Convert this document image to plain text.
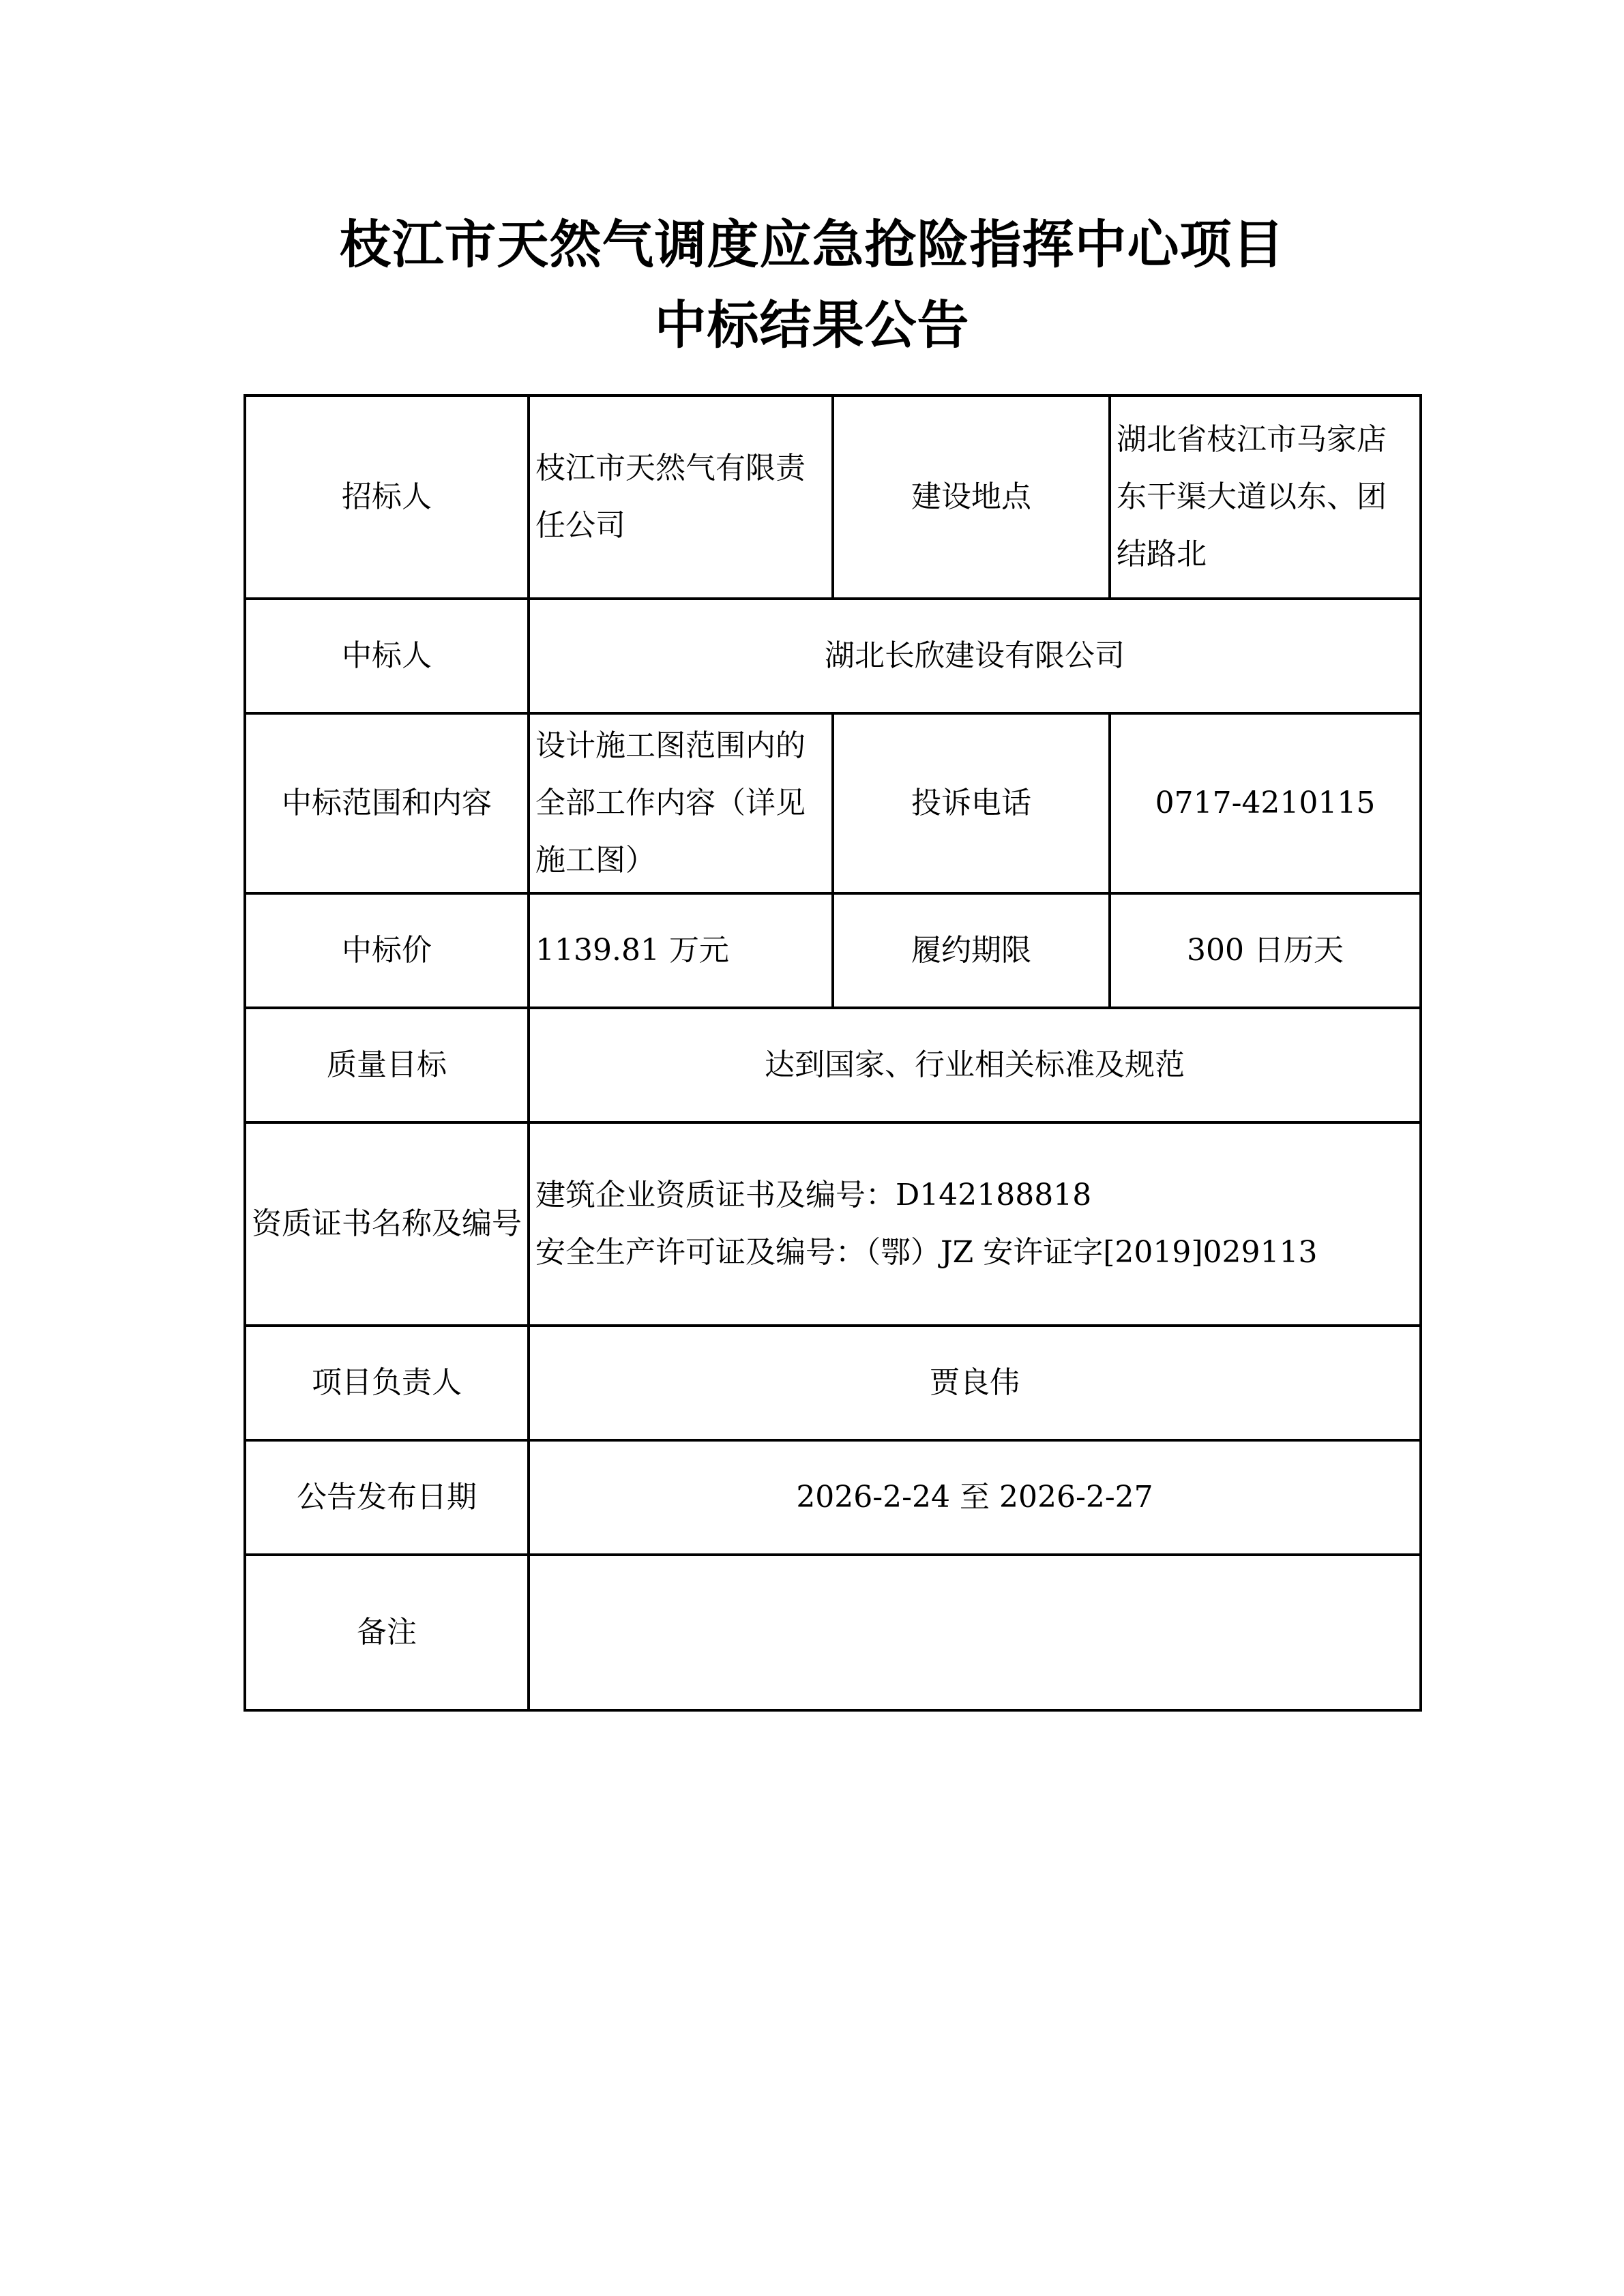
枝江市天然气调度应急抢险指挥中心项目
中标结果公告
招标人	枝江市天然气有限责任公司	建设地点	湖北省枝江市马家店东干渠大道以东、团结路北
中标人	湖北长欣建设有限公司		
中标范围和内容	设计施工图范围内的全部工作内容（详见施工图）	投诉电话	0717-4210115
中标价	1139.81 万元	履约期限	300 日历天
质量目标	达到国家、行业相关标准及规范		
资质证书名称及编号	建筑企业资质证书及编号：D142188818
安全生产许可证及编号：（鄂）JZ 安许证字[2019]029113		

项目负责人	贾良伟		
公告发布日期	2026-2-24 至 2026-2-27		
备注			
